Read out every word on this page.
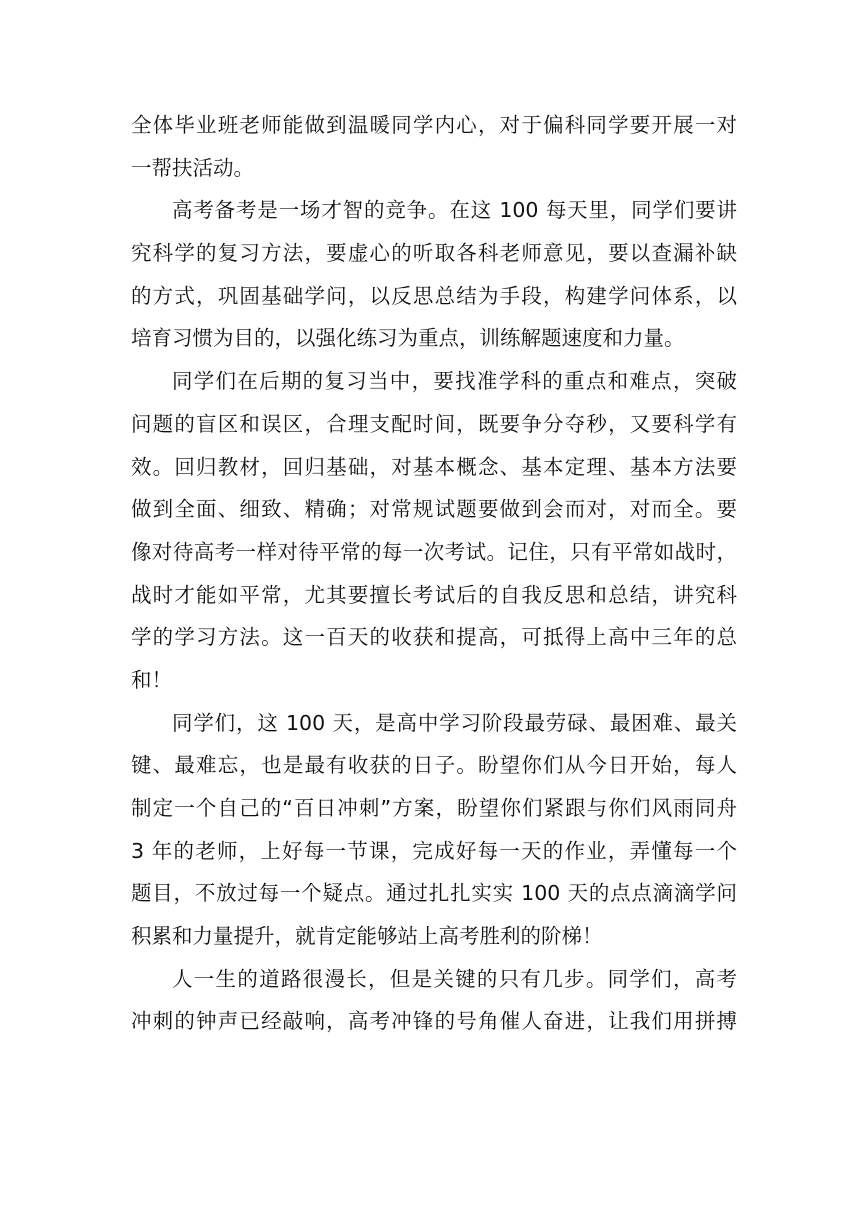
全体毕业班老师能做到温暖同学内心，对于偏科同学要开展一对
一帮扶活动。
高考备考是一场才智的竞争。在这 100 每天里，同学们要讲
究科学的复习方法，要虚心的听取各科老师意见，要以查漏补缺
的方式，巩固基础学问，以反思总结为手段，构建学问体系，以
培育习惯为目的，以强化练习为重点，训练解题速度和力量。
同学们在后期的复习当中，要找准学科的重点和难点，突破
问题的盲区和误区，合理支配时间，既要争分夺秒，又要科学有
效。回归教材，回归基础，对基本概念、基本定理、基本方法要
做到全面、细致、精确；对常规试题要做到会而对，对而全。要
像对待高考一样对待平常的每一次考试。记住，只有平常如战时，
战时才能如平常，尤其要擅长考试后的自我反思和总结，讲究科
学的学习方法。这一百天的收获和提高，可抵得上高中三年的总
和！
同学们，这 100 天，是高中学习阶段最劳碌、最困难、最关
键、最难忘，也是最有收获的日子。盼望你们从今日开始，每人
制定一个自己的“百日冲刺”方案，盼望你们紧跟与你们风雨同舟
3 年的老师，上好每一节课，完成好每一天的作业，弄懂每一个
题目，不放过每一个疑点。通过扎扎实实 100 天的点点滴滴学问
积累和力量提升，就肯定能够站上高考胜利的阶梯！
人一生的道路很漫长，但是关键的只有几步。同学们，高考
冲刺的钟声已经敲响，高考冲锋的号角催人奋进，让我们用拼搏
